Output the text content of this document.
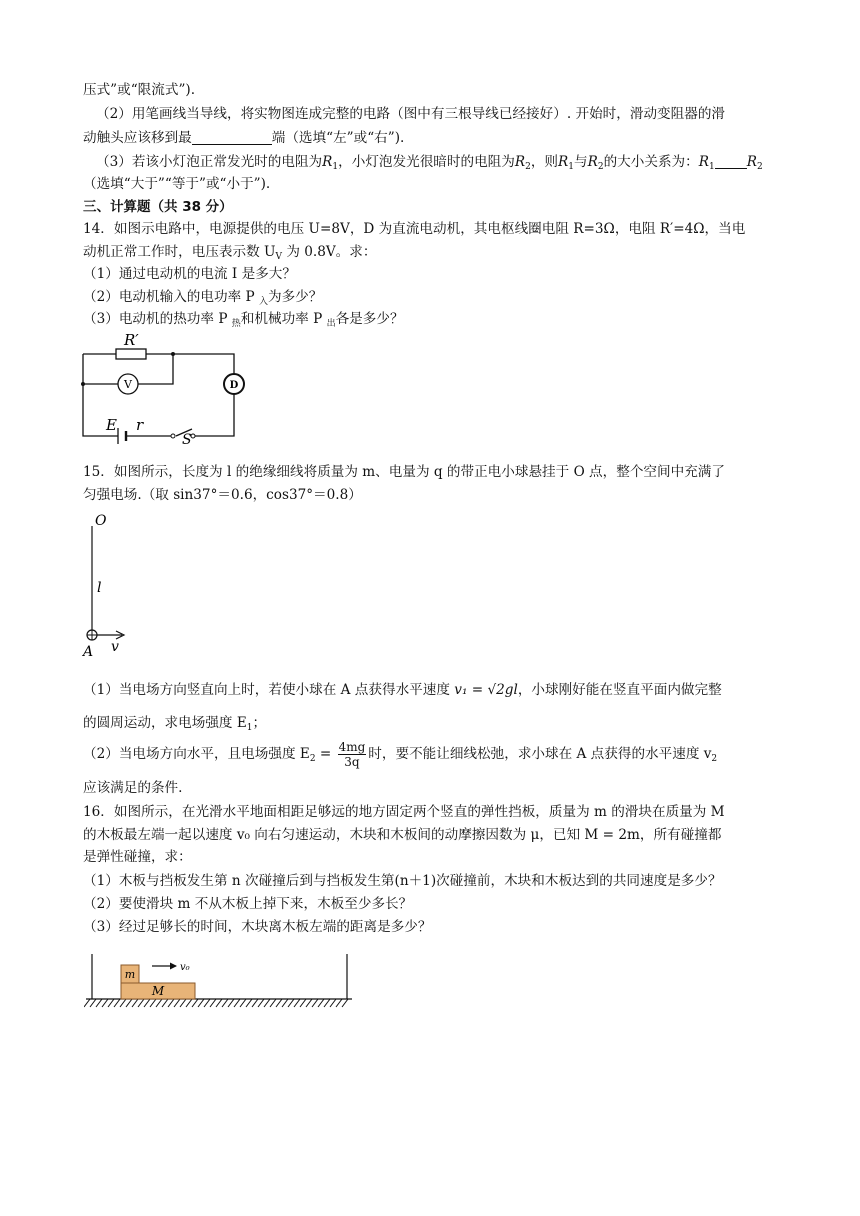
压式”或“限流式”).
（2）用笔画线当导线，将实物图连成完整的电路（图中有三根导线已经接好）. 开始时，滑动变阻器的滑
动触头应该移到最	端（选填“左”或“右”).
（3）若该小灯泡正常发光时的电阻为$R_1$，小灯泡发光很暗时的电阻为$R_2$，则$R_1$与$R_2$的大小关系为：$R_1$ $R_2$
（选填“大于”“等于”或“小于”).
三、计算题（共 38 分）
14．如图示电路中，电源提供的电压 U=8V，D 为直流电动机，其电枢线圈电阻 R=3Ω，电阻 R′=4Ω，当电
动机正常工作时，电压表示数 $U_V$ 为 0.8V。求：
（1）通过电动机的电流 I 是多大？
（2）电动机输入的电功率 P $_入$为多少？
（3）电动机的热功率 P $_热$和机械功率 P $_出$各是多少？
V	D
R′
E r
S
15．如图所示，长度为 l 的绝缘细线将质量为 m、电量为 q 的带正电小球悬挂于 O 点，整个空间中充满了
匀强电场.（取 sin37°＝0.6，cos37°＝0.8）
O
l
A v
（1）当电场方向竖直向上时，若使小球在 A 点获得水平速度 v₁ = √2gl，小球刚好能在竖直平面内做完整
的圆周运动，求电场强度 $E_1$；
（2）当电场方向水平，且电场强度 $E_2 = \frac{4mg}{3q}$ 时，要不能让细线松弛，求小球在 A 点获得的水平速度 $v_2$
应该满足的条件.
16．如图所示，在光滑水平地面相距足够远的地方固定两个竖直的弹性挡板，质量为 m 的滑块在质量为 M
的木板最左端一起以速度 v₀ 向右匀速运动，木块和木板间的动摩擦因数为 μ，已知 M = 2m，所有碰撞都
是弹性碰撞，求：
（1）木板与挡板发生第 n 次碰撞后到与挡板发生第(n＋1)次碰撞前，木块和木板达到的共同速度是多少？
（2）要使滑块 m 不从木板上掉下来，木板至少多长？
（3）经过足够长的时间，木块离木板左端的距离是多少？
m
M
v₀
